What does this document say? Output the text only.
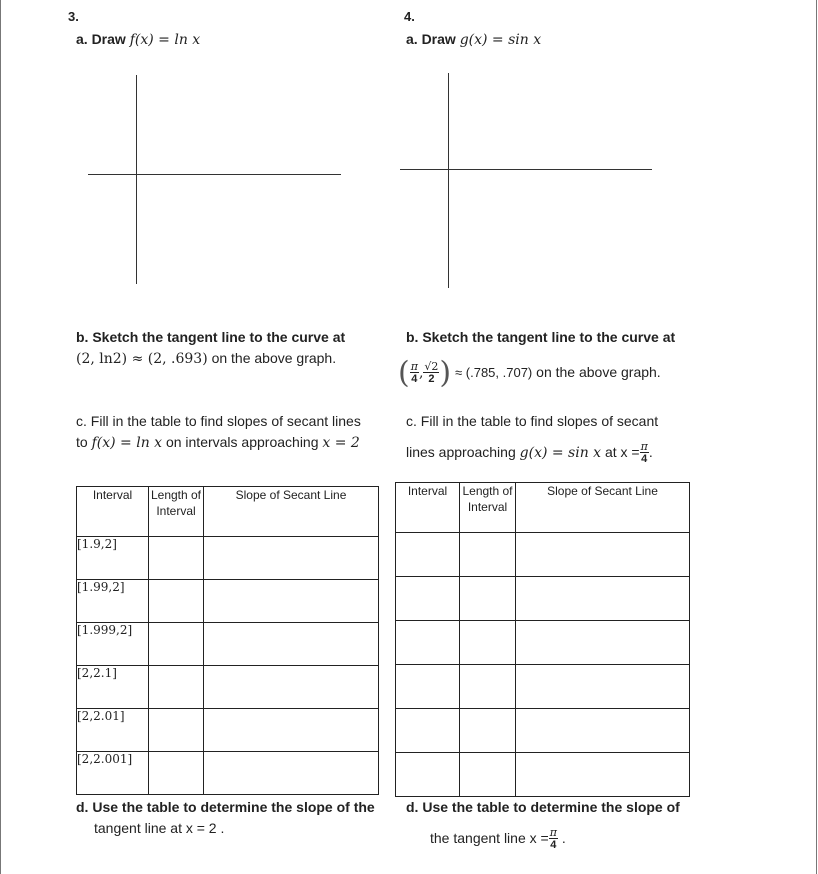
3.
a. Draw f(x) = ln x
b. Sketch the tangent line to the curve at
(2, ln2) ≈ (2, .693) on the above graph.
c. Fill in the table to find slopes of secant lines
to f(x) = ln x on intervals approaching x = 2
Interval	Length of Interval	Slope of Secant Line
[1.9,2]		
[1.99,2]		
[1.999,2]		
[2,2.1]		
[2,2.01]		
[2,2.001]		
d. Use the table to determine the slope of the
tangent line at x = 2 .
4.
a. Draw g(x) = sin x
b. Sketch the tangent line to the curve at
( $\frac{\pi}{4}$ , $\frac{√2}{2}$ ) ≈ (.785, .707) on the above graph.
c. Fill in the table to find slopes of secant
lines approaching g(x) = sin x at $x = \frac{\pi}{4}$ .
Interval	Length of Interval	Slope of Secant Line

d. Use the table to determine the slope of
the tangent line $x = \frac{\pi}{4}$ .
